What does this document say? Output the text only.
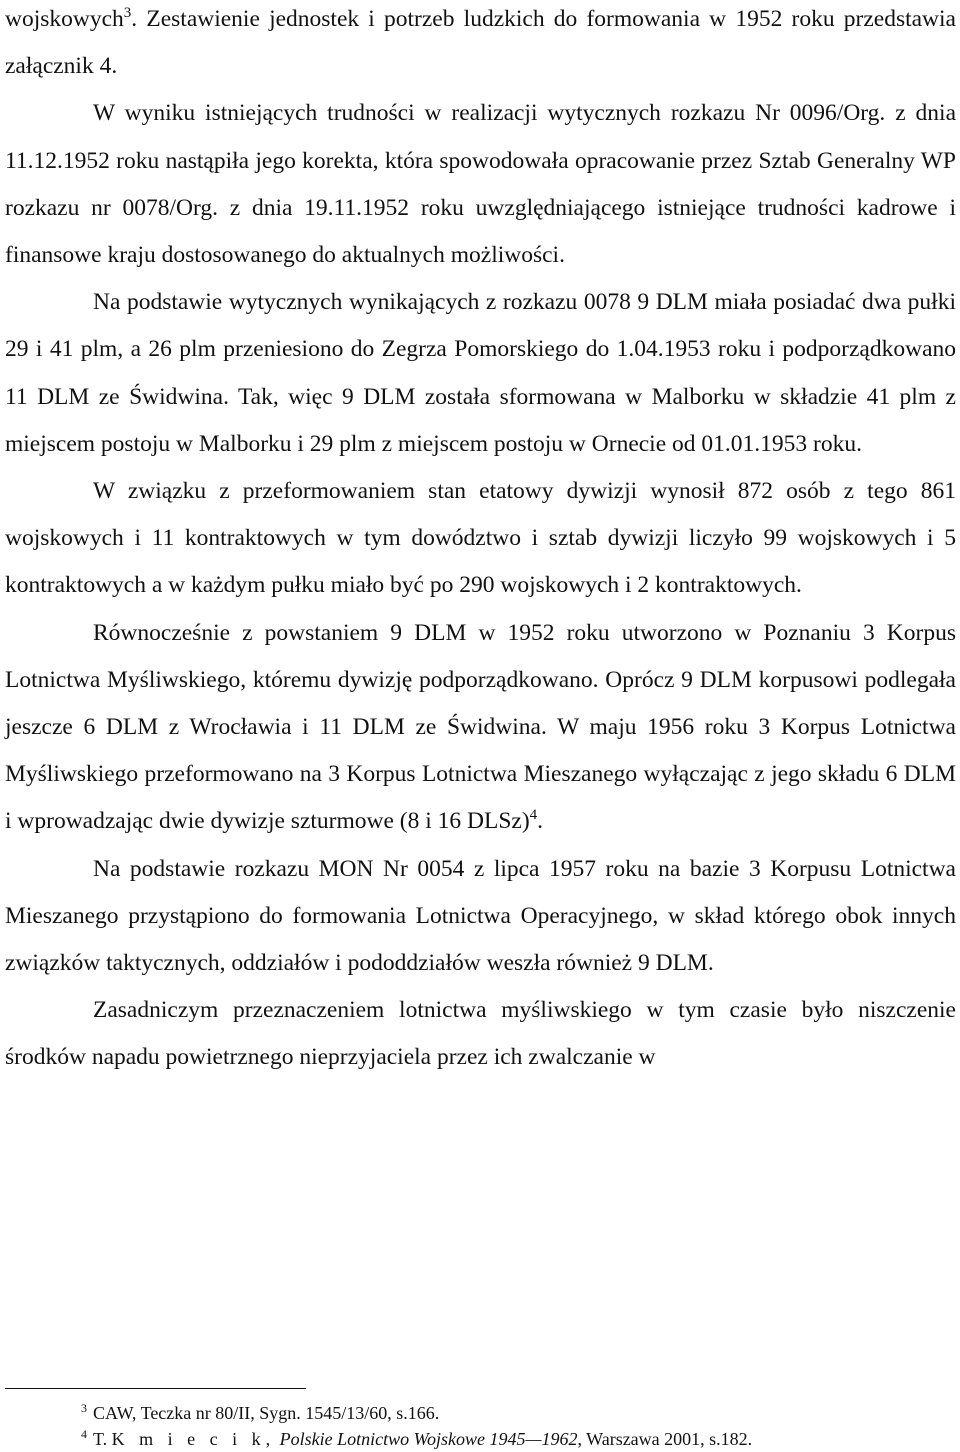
wojskowych$^3$. Zestawienie jednostek i potrzeb ludzkich do formowania w 1952 roku przedstawia załącznik 4.

W wyniku istniejących trudności w realizacji wytycznych rozkazu Nr 0096/Org. z dnia 11.12.1952 roku nastąpiła jego korekta, która spowodowała opracowanie przez Sztab Generalny WP rozkazu nr 0078/Org. z dnia 19.11.1952 roku uwzględniającego istniejące trudności kadrowe i finansowe kraju dostosowanego do aktualnych możliwości.

Na podstawie wytycznych wynikających z rozkazu 0078 9 DLM miała posiadać dwa pułki 29 i 41 plm, a 26 plm przeniesiono do Zegrza Pomorskiego do 1.04.1953 roku i podporządkowano 11 DLM ze Świdwina. Tak, więc 9 DLM została sformowana w Malborku w składzie 41 plm z miejscem postoju w Malborku i 29 plm z miejscem postoju w Ornecie od 01.01.1953 roku.

W związku z przeformowaniem stan etatowy dywizji wynosił 872 osób z tego 861 wojskowych i 11 kontraktowych w tym dowództwo i sztab dywizji liczyło 99 wojskowych i 5 kontraktowych a w każdym pułku miało być po 290 wojskowych i 2 kontraktowych.

Równocześnie z powstaniem 9 DLM w 1952 roku utworzono w Poznaniu 3 Korpus Lotnictwa Myśliwskiego, któremu dywizję podporządkowano. Oprócz 9 DLM korpusowi podlegała jeszcze 6 DLM z Wrocławia i 11 DLM ze Świdwina. W maju 1956 roku 3 Korpus Lotnictwa Myśliwskiego przeformowano na 3 Korpus Lotnictwa Mieszanego wyłączając z jego składu 6 DLM i wprowadzając dwie dywizje szturmowe (8 i 16 DLSz)$^4$.

Na podstawie rozkazu MON Nr 0054 z lipca 1957 roku na bazie 3 Korpusu Lotnictwa Mieszanego przystąpiono do formowania Lotnictwa Operacyjnego, w skład którego obok innych związków taktycznych, oddziałów i pododdziałów weszła również 9 DLM.

Zasadniczym przeznaczeniem lotnictwa myśliwskiego w tym czasie było niszczenie środków napadu powietrznego nieprzyjaciela przez ich zwalczanie w

$^3$ CAW, Teczka nr 80/II, Sygn. 1545/13/60, s.166.

$^4$ T. K m i e c i k, Polskie Lotnictwo Wojskowe 1945—1962, Warszawa 2001, s.182.
